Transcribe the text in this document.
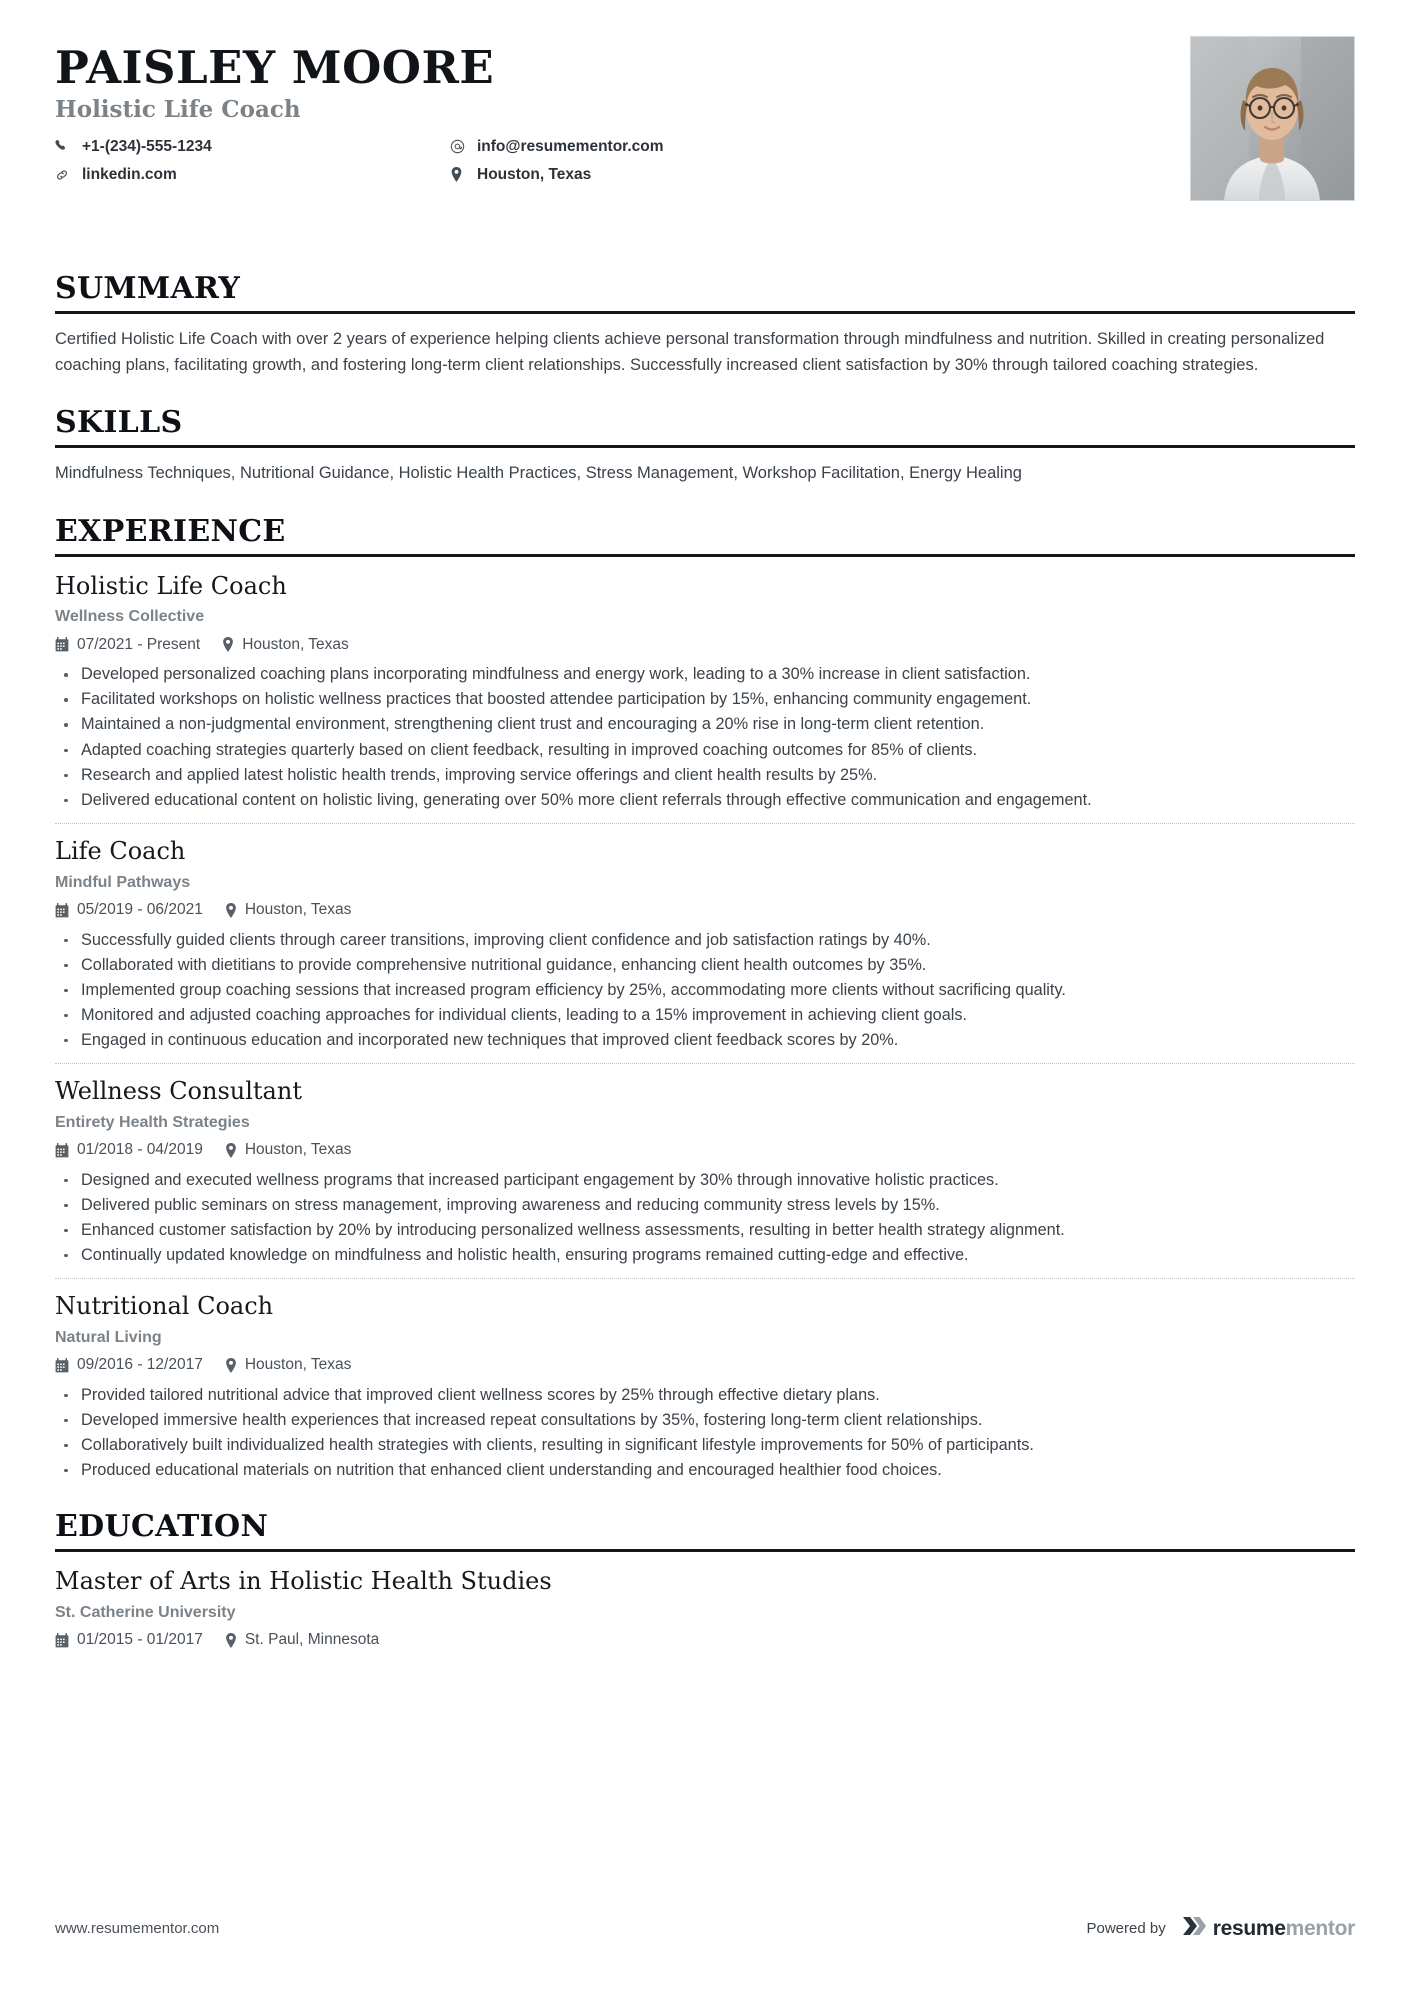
PAISLEY MOORE
Holistic Life Coach
+1-(234)-555-1234	info@resumementor.com
linkedin.com	Houston, Texas
SUMMARY

Certified Holistic Life Coach with over 2 years of experience helping clients achieve personal transformation through mindfulness and nutrition. Skilled in creating personalized coaching plans, facilitating growth, and fostering long-term client relationships. Successfully increased client satisfaction by 30% through tailored coaching strategies.

SKILLS

Mindfulness Techniques, Nutritional Guidance, Holistic Health Practices, Stress Management, Workshop Facilitation, Energy Healing

EXPERIENCE
Holistic Life Coach
Wellness Collective
07/2021 - Present	Houston, Texas
Developed personalized coaching plans incorporating mindfulness and energy work, leading to a 30% increase in client satisfaction.
Facilitated workshops on holistic wellness practices that boosted attendee participation by 15%, enhancing community engagement.
Maintained a non-judgmental environment, strengthening client trust and encouraging a 20% rise in long-term client retention.
Adapted coaching strategies quarterly based on client feedback, resulting in improved coaching outcomes for 85% of clients.
Research and applied latest holistic health trends, improving service offerings and client health results by 25%.
Delivered educational content on holistic living, generating over 50% more client referrals through effective communication and engagement.
Life Coach
Mindful Pathways
05/2019 - 06/2021	Houston, Texas
Successfully guided clients through career transitions, improving client confidence and job satisfaction ratings by 40%.
Collaborated with dietitians to provide comprehensive nutritional guidance, enhancing client health outcomes by 35%.
Implemented group coaching sessions that increased program efficiency by 25%, accommodating more clients without sacrificing quality.
Monitored and adjusted coaching approaches for individual clients, leading to a 15% improvement in achieving client goals.
Engaged in continuous education and incorporated new techniques that improved client feedback scores by 20%.
Wellness Consultant
Entirety Health Strategies
01/2018 - 04/2019	Houston, Texas
Designed and executed wellness programs that increased participant engagement by 30% through innovative holistic practices.
Delivered public seminars on stress management, improving awareness and reducing community stress levels by 15%.
Enhanced customer satisfaction by 20% by introducing personalized wellness assessments, resulting in better health strategy alignment.
Continually updated knowledge on mindfulness and holistic health, ensuring programs remained cutting-edge and effective.
Nutritional Coach
Natural Living
09/2016 - 12/2017	Houston, Texas
Provided tailored nutritional advice that improved client wellness scores by 25% through effective dietary plans.
Developed immersive health experiences that increased repeat consultations by 35%, fostering long-term client relationships.
Collaboratively built individualized health strategies with clients, resulting in significant lifestyle improvements for 50% of participants.
Produced educational materials on nutrition that enhanced client understanding and encouraged healthier food choices.
EDUCATION
Master of Arts in Holistic Health Studies
St. Catherine University
01/2015 - 01/2017	St. Paul, Minnesota
www.resumementor.com	Powered by resumementor
